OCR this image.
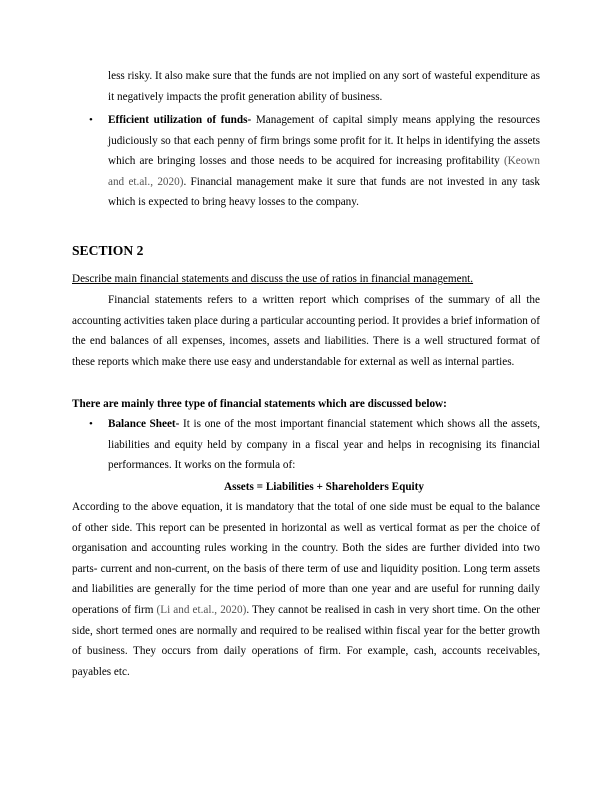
less risky. It also make sure that the funds are not implied on any sort of wasteful expenditure as it negatively impacts the profit generation ability of business.
• Efficient utilization of funds- Management of capital simply means applying the resources judiciously so that each penny of firm brings some profit for it. It helps in identifying the assets which are bringing losses and those needs to be acquired for increasing profitability (Keown and et.al., 2020). Financial management make it sure that funds are not invested in any task which is expected to bring heavy losses to the company.
SECTION 2
Describe main financial statements and discuss the use of ratios in financial management.
Financial statements refers to a written report which comprises of the summary of all the accounting activities taken place during a particular accounting period. It provides a brief information of the end balances of all expenses, incomes, assets and liabilities. There is a well structured format of these reports which make there use easy and understandable for external as well as internal parties.
There are mainly three type of financial statements which are discussed below:
• Balance Sheet- It is one of the most important financial statement which shows all the assets, liabilities and equity held by company in a fiscal year and helps in recognising its financial performances. It works on the formula of:
Assets = Liabilities + Shareholders Equity
According to the above equation, it is mandatory that the total of one side must be equal to the balance of other side. This report can be presented in horizontal as well as vertical format as per the choice of organisation and accounting rules working in the country. Both the sides are further divided into two parts- current and non-current, on the basis of there term of use and liquidity position. Long term assets and liabilities are generally for the time period of more than one year and are useful for running daily operations of firm (Li and et.al., 2020). They cannot be realised in cash in very short time. On the other side, short termed ones are normally and required to be realised within fiscal year for the better growth of business. They occurs from daily operations of firm. For example, cash, accounts receivables, payables etc.
